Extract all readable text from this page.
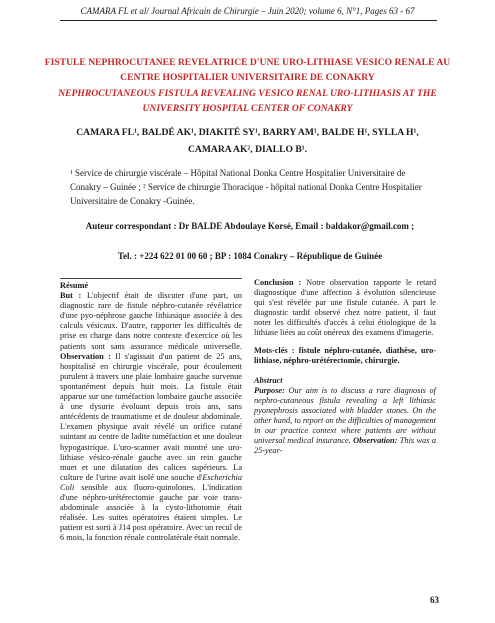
CAMARA FL et al/ Journal Africain de Chirurgie – Juin 2020; volume 6, N°1, Pages 63 - 67
FISTULE NEPHROCUTANEE REVELATRICE D'UNE URO-LITHIASE VESICO RENALE AU CENTRE HOSPITALIER UNIVERSITAIRE DE CONAKRY
NEPHROCUTANEOUS FISTULA REVEALING VESICO RENAL URO-LITHIASIS AT THE UNIVERSITY HOSPITAL CENTER OF CONAKRY
CAMARA FL¹, BALDÉ AK¹, DIAKITÉ SY¹, BARRY AM¹, BALDE H¹, SYLLA H¹, CAMARA AK², DIALLO B¹.

¹ Service de chirurgie viscérale – Hôpital National Donka Centre Hospitalier Universitaire de Conakry – Guinée ; ² Service de chirurgie Thoracique - hôpital national Donka Centre Hospitalier Universitaire de Conakry -Guinée.

Auteur correspondant : Dr BALDE Abdoulaye Korsé, Email : baldakor@gmail.com ;
Tel. : +224 622 01 00 60 ; BP : 1084 Conakry – République de Guinée

Résumé

But : L'objectif était de discuter d'une part, un diagnostic rare de fistule néphro-cutanée révélatrice d'une pyo-néphrose gauche lithiasique associée à des calculs vésicaux. D'autre, rapporter les difficultés de prise en charge dans notre contexte d'exercice où les patients sont sans assurance médicale universelle. Observation : Il s'agissait d'un patient de 25 ans, hospitalisé en chirurgie viscérale, pour écoulement purulent à travers une plaie lombaire gauche survenue spontanément depuis huit mois. La fistule était apparue sur une tuméfaction lombaire gauche associée à une dysurie évoluant depuis trois ans, sans antécédents de traumatisme et de douleur abdominale. L'examen physique avait révélé un orifice cutané suintant au centre de ladite tuméfaction et une douleur hypogastrique. L'uro-scanner avait montré une uro-lithiase vésico-rénale gauche avec un rein gauche muet et une dilatation des calices supérieurs. La culture de l'urine avait isolé une souche d'Escherichia Coli sensible aux fluoro-quinolones. L'indication d'une néphro-urétérectomie gauche par voie trans-abdominale associée à la cysto-lithotomie était réalisée. Les suites opératoires étaient simples. Le patient est sorti à J14 post opératoire. Avec un recul de 6 mois, la fonction rénale controlatérale était normale.

Conclusion : Notre observation rapporte le retard diagnostique d'une affection à évolution silencieuse qui s'est révélée par une fistule cutanée. A part le diagnostic tardif observé chez notre patient, il faut noter les difficultés d'accès à celui étiologique de la lithiase liées au coût onéreux des examens d'imagerie.

Mots-clés : fistule néphro-cutanée, diathèse, uro-lithiase, néphro-urétérectomie, chirurgie.

Abstract

Purpose: Our aim is to discuss a rare diagnosis of nephro-cutaneous fistula revealing a left lithiasic pyonephrosis associated with bladder stones. On the other hand, to report on the difficulties of management in our practice context where patients are without universal medical insurance. Observation: This was a 25-year-

63
